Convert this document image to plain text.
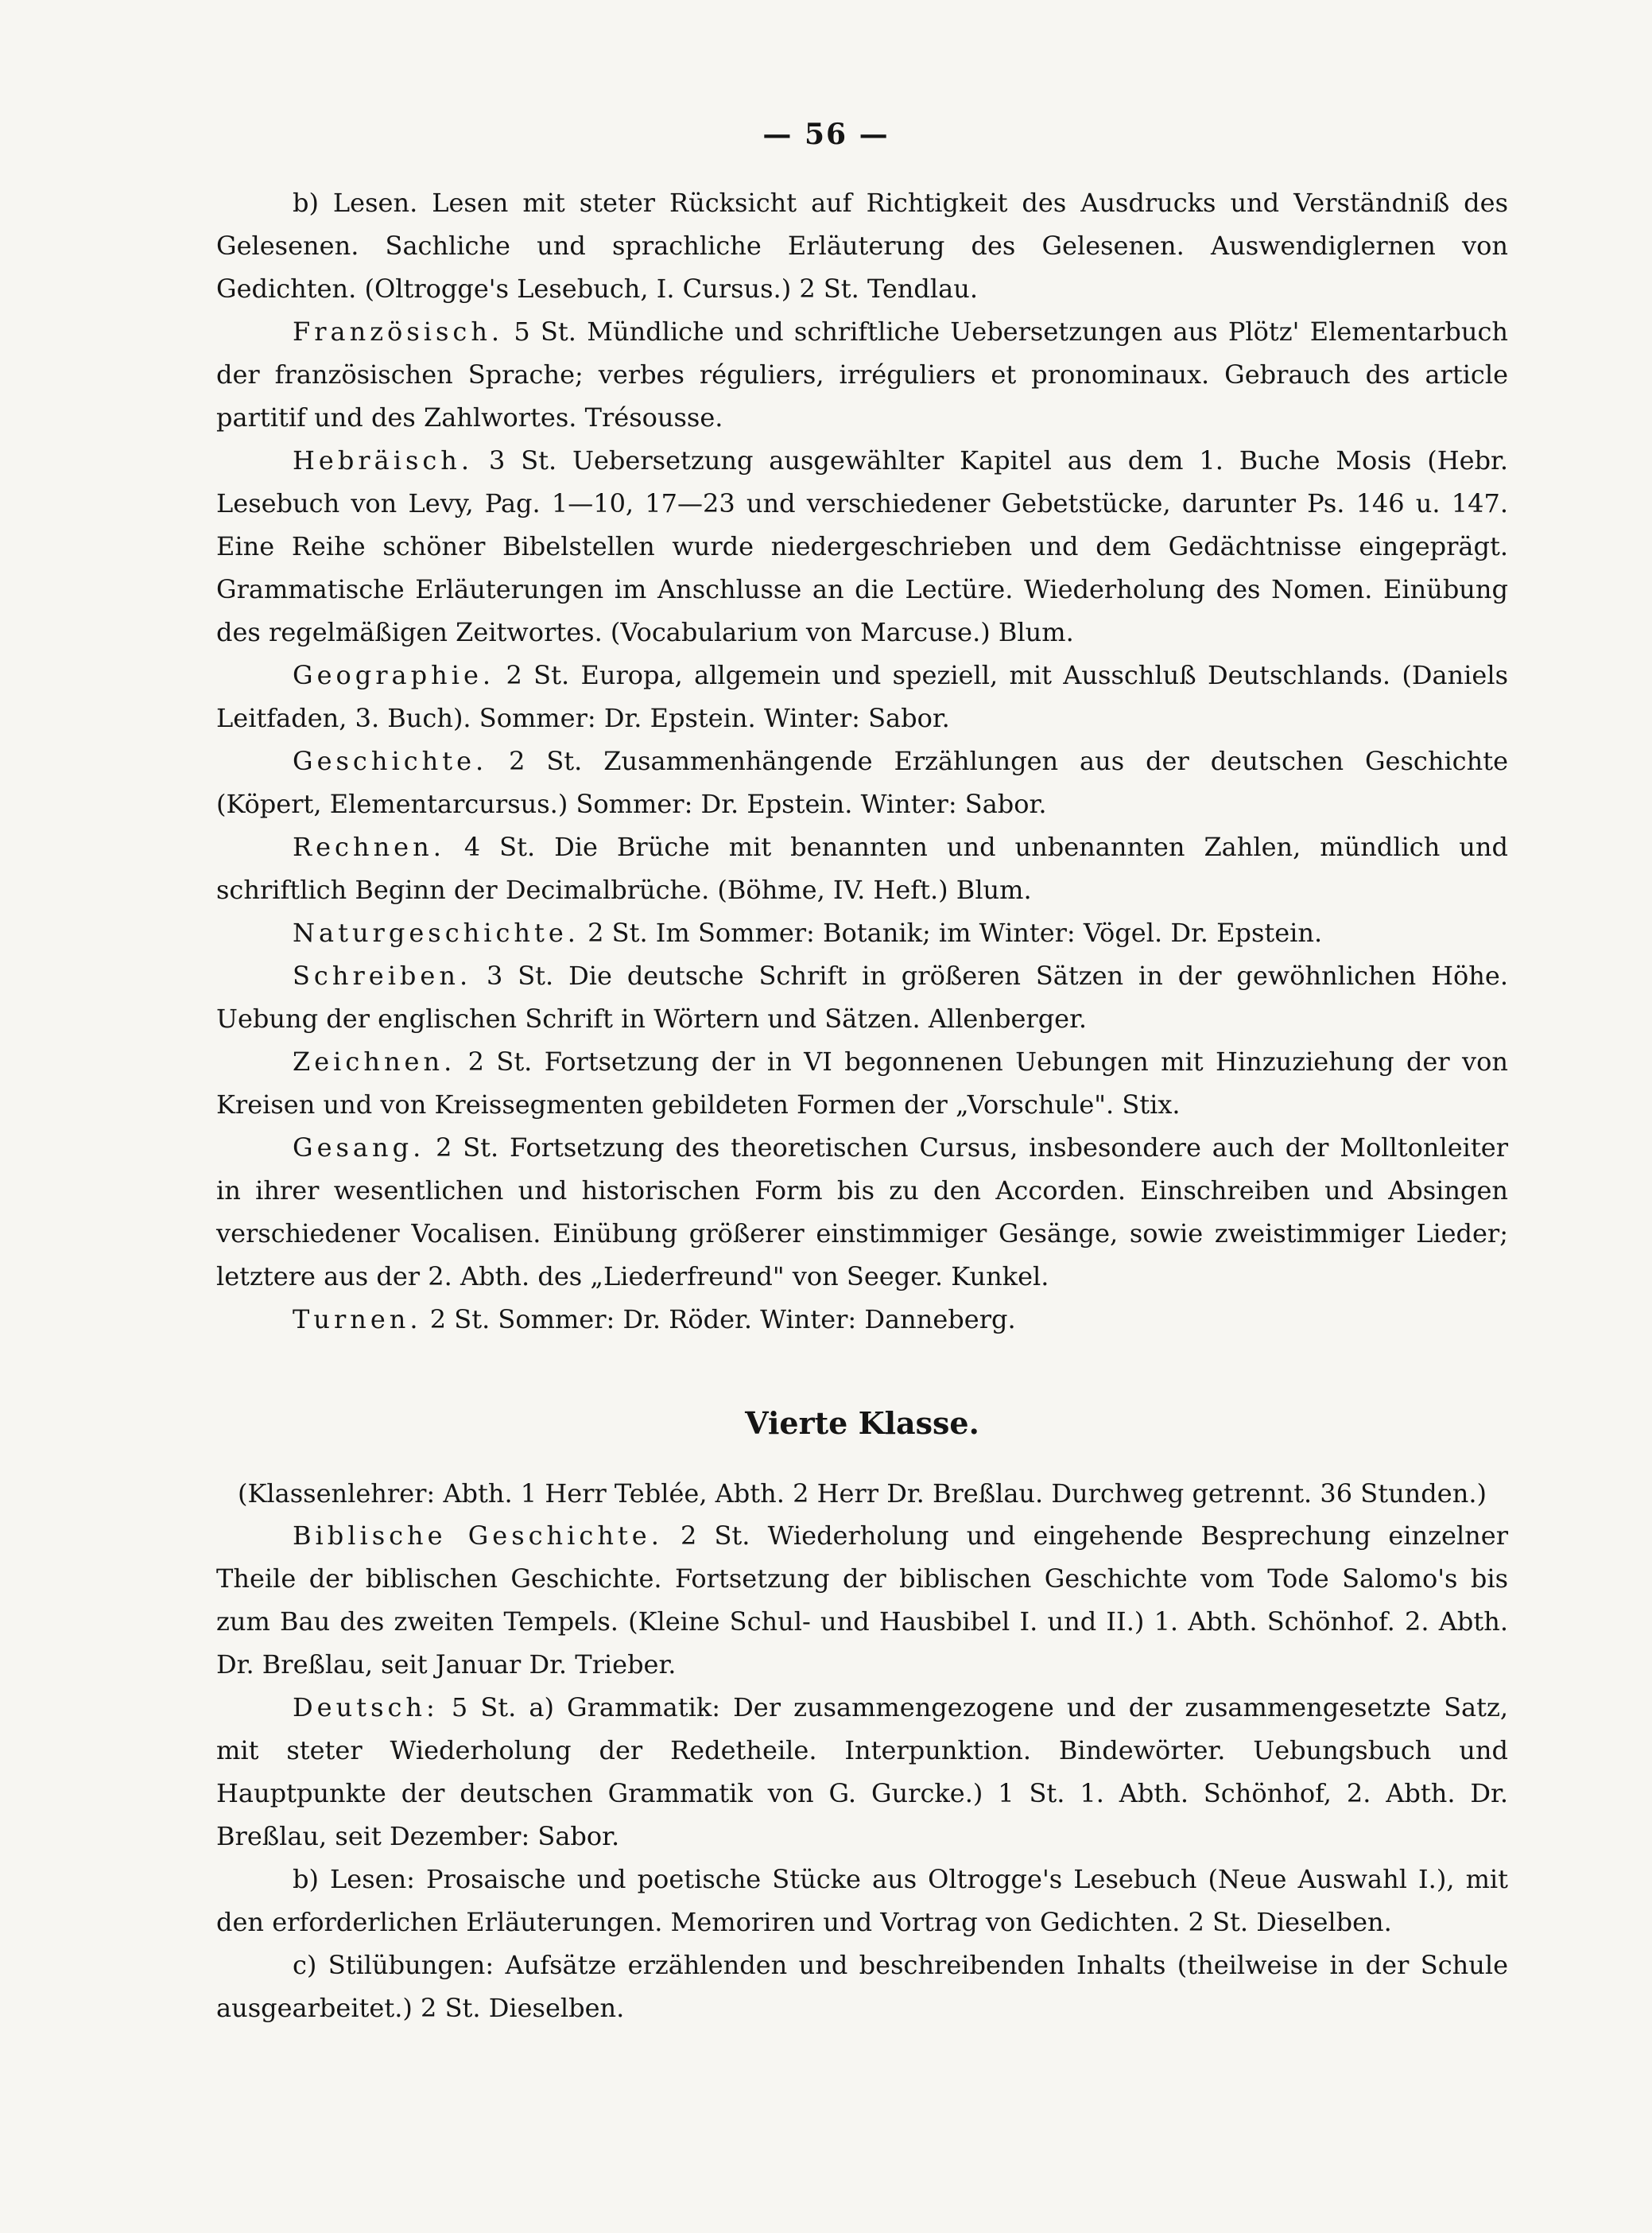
— 56 —

b) Lesen. Lesen mit steter Rücksicht auf Richtigkeit des Ausdrucks und Verständniß des Gelesenen. Sachliche und sprachliche Erläuterung des Gelesenen. Auswendiglernen von Gedichten. (Oltrogge's Lesebuch, I. Cursus.) 2 St. Tendlau.

Französisch. 5 St. Mündliche und schriftliche Uebersetzungen aus Plötz' Elementarbuch der französischen Sprache; verbes réguliers, irréguliers et pronominaux. Gebrauch des article partitif und des Zahlwortes. Trésousse.

Hebräisch. 3 St. Uebersetzung ausgewählter Kapitel aus dem 1. Buche Mosis (Hebr. Lesebuch von Levy, Pag. 1—10, 17—23 und verschiedener Gebetstücke, darunter Ps. 146 u. 147. Eine Reihe schöner Bibelstellen wurde niedergeschrieben und dem Gedächtnisse eingeprägt. Grammatische Erläuterungen im Anschlusse an die Lectüre. Wiederholung des Nomen. Einübung des regelmäßigen Zeitwortes. (Vocabularium von Marcuse.) Blum.

Geographie. 2 St. Europa, allgemein und speziell, mit Ausschluß Deutschlands. (Daniels Leitfaden, 3. Buch). Sommer: Dr. Epstein. Winter: Sabor.

Geschichte. 2 St. Zusammenhängende Erzählungen aus der deutschen Geschichte (Köpert, Elementarcursus.) Sommer: Dr. Epstein. Winter: Sabor.

Rechnen. 4 St. Die Brüche mit benannten und unbenannten Zahlen, mündlich und schriftlich Beginn der Decimalbrüche. (Böhme, IV. Heft.) Blum.

Naturgeschichte. 2 St. Im Sommer: Botanik; im Winter: Vögel. Dr. Epstein.

Schreiben. 3 St. Die deutsche Schrift in größeren Sätzen in der gewöhnlichen Höhe. Uebung der englischen Schrift in Wörtern und Sätzen. Allenberger.

Zeichnen. 2 St. Fortsetzung der in VI begonnenen Uebungen mit Hinzuziehung der von Kreisen und von Kreissegmenten gebildeten Formen der „Vorschule". Stix.

Gesang. 2 St. Fortsetzung des theoretischen Cursus, insbesondere auch der Molltonleiter in ihrer wesentlichen und historischen Form bis zu den Accorden. Einschreiben und Absingen verschiedener Vocalisen. Einübung größerer einstimmiger Gesänge, sowie zweistimmiger Lieder; letztere aus der 2. Abth. des „Liederfreund" von Seeger. Kunkel.

Turnen. 2 St. Sommer: Dr. Röder. Winter: Danneberg.

Vierte Klasse.

(Klassenlehrer: Abth. 1 Herr Teblée, Abth. 2 Herr Dr. Breßlau. Durchweg getrennt. 36 Stunden.)

Biblische Geschichte. 2 St. Wiederholung und eingehende Besprechung einzelner Theile der biblischen Geschichte. Fortsetzung der biblischen Geschichte vom Tode Salomo's bis zum Bau des zweiten Tempels. (Kleine Schul- und Hausbibel I. und II.) 1. Abth. Schönhof. 2. Abth. Dr. Breßlau, seit Januar Dr. Trieber.

Deutsch: 5 St. a) Grammatik: Der zusammengezogene und der zusammengesetzte Satz, mit steter Wiederholung der Redetheile. Interpunktion. Bindewörter. Uebungsbuch und Hauptpunkte der deutschen Grammatik von G. Gurcke.) 1 St. 1. Abth. Schönhof, 2. Abth. Dr. Breßlau, seit Dezember: Sabor.

b) Lesen: Prosaische und poetische Stücke aus Oltrogge's Lesebuch (Neue Auswahl I.), mit den erforderlichen Erläuterungen. Memoriren und Vortrag von Gedichten. 2 St. Dieselben.

c) Stilübungen: Aufsätze erzählenden und beschreibenden Inhalts (theilweise in der Schule ausgearbeitet.) 2 St. Dieselben.
